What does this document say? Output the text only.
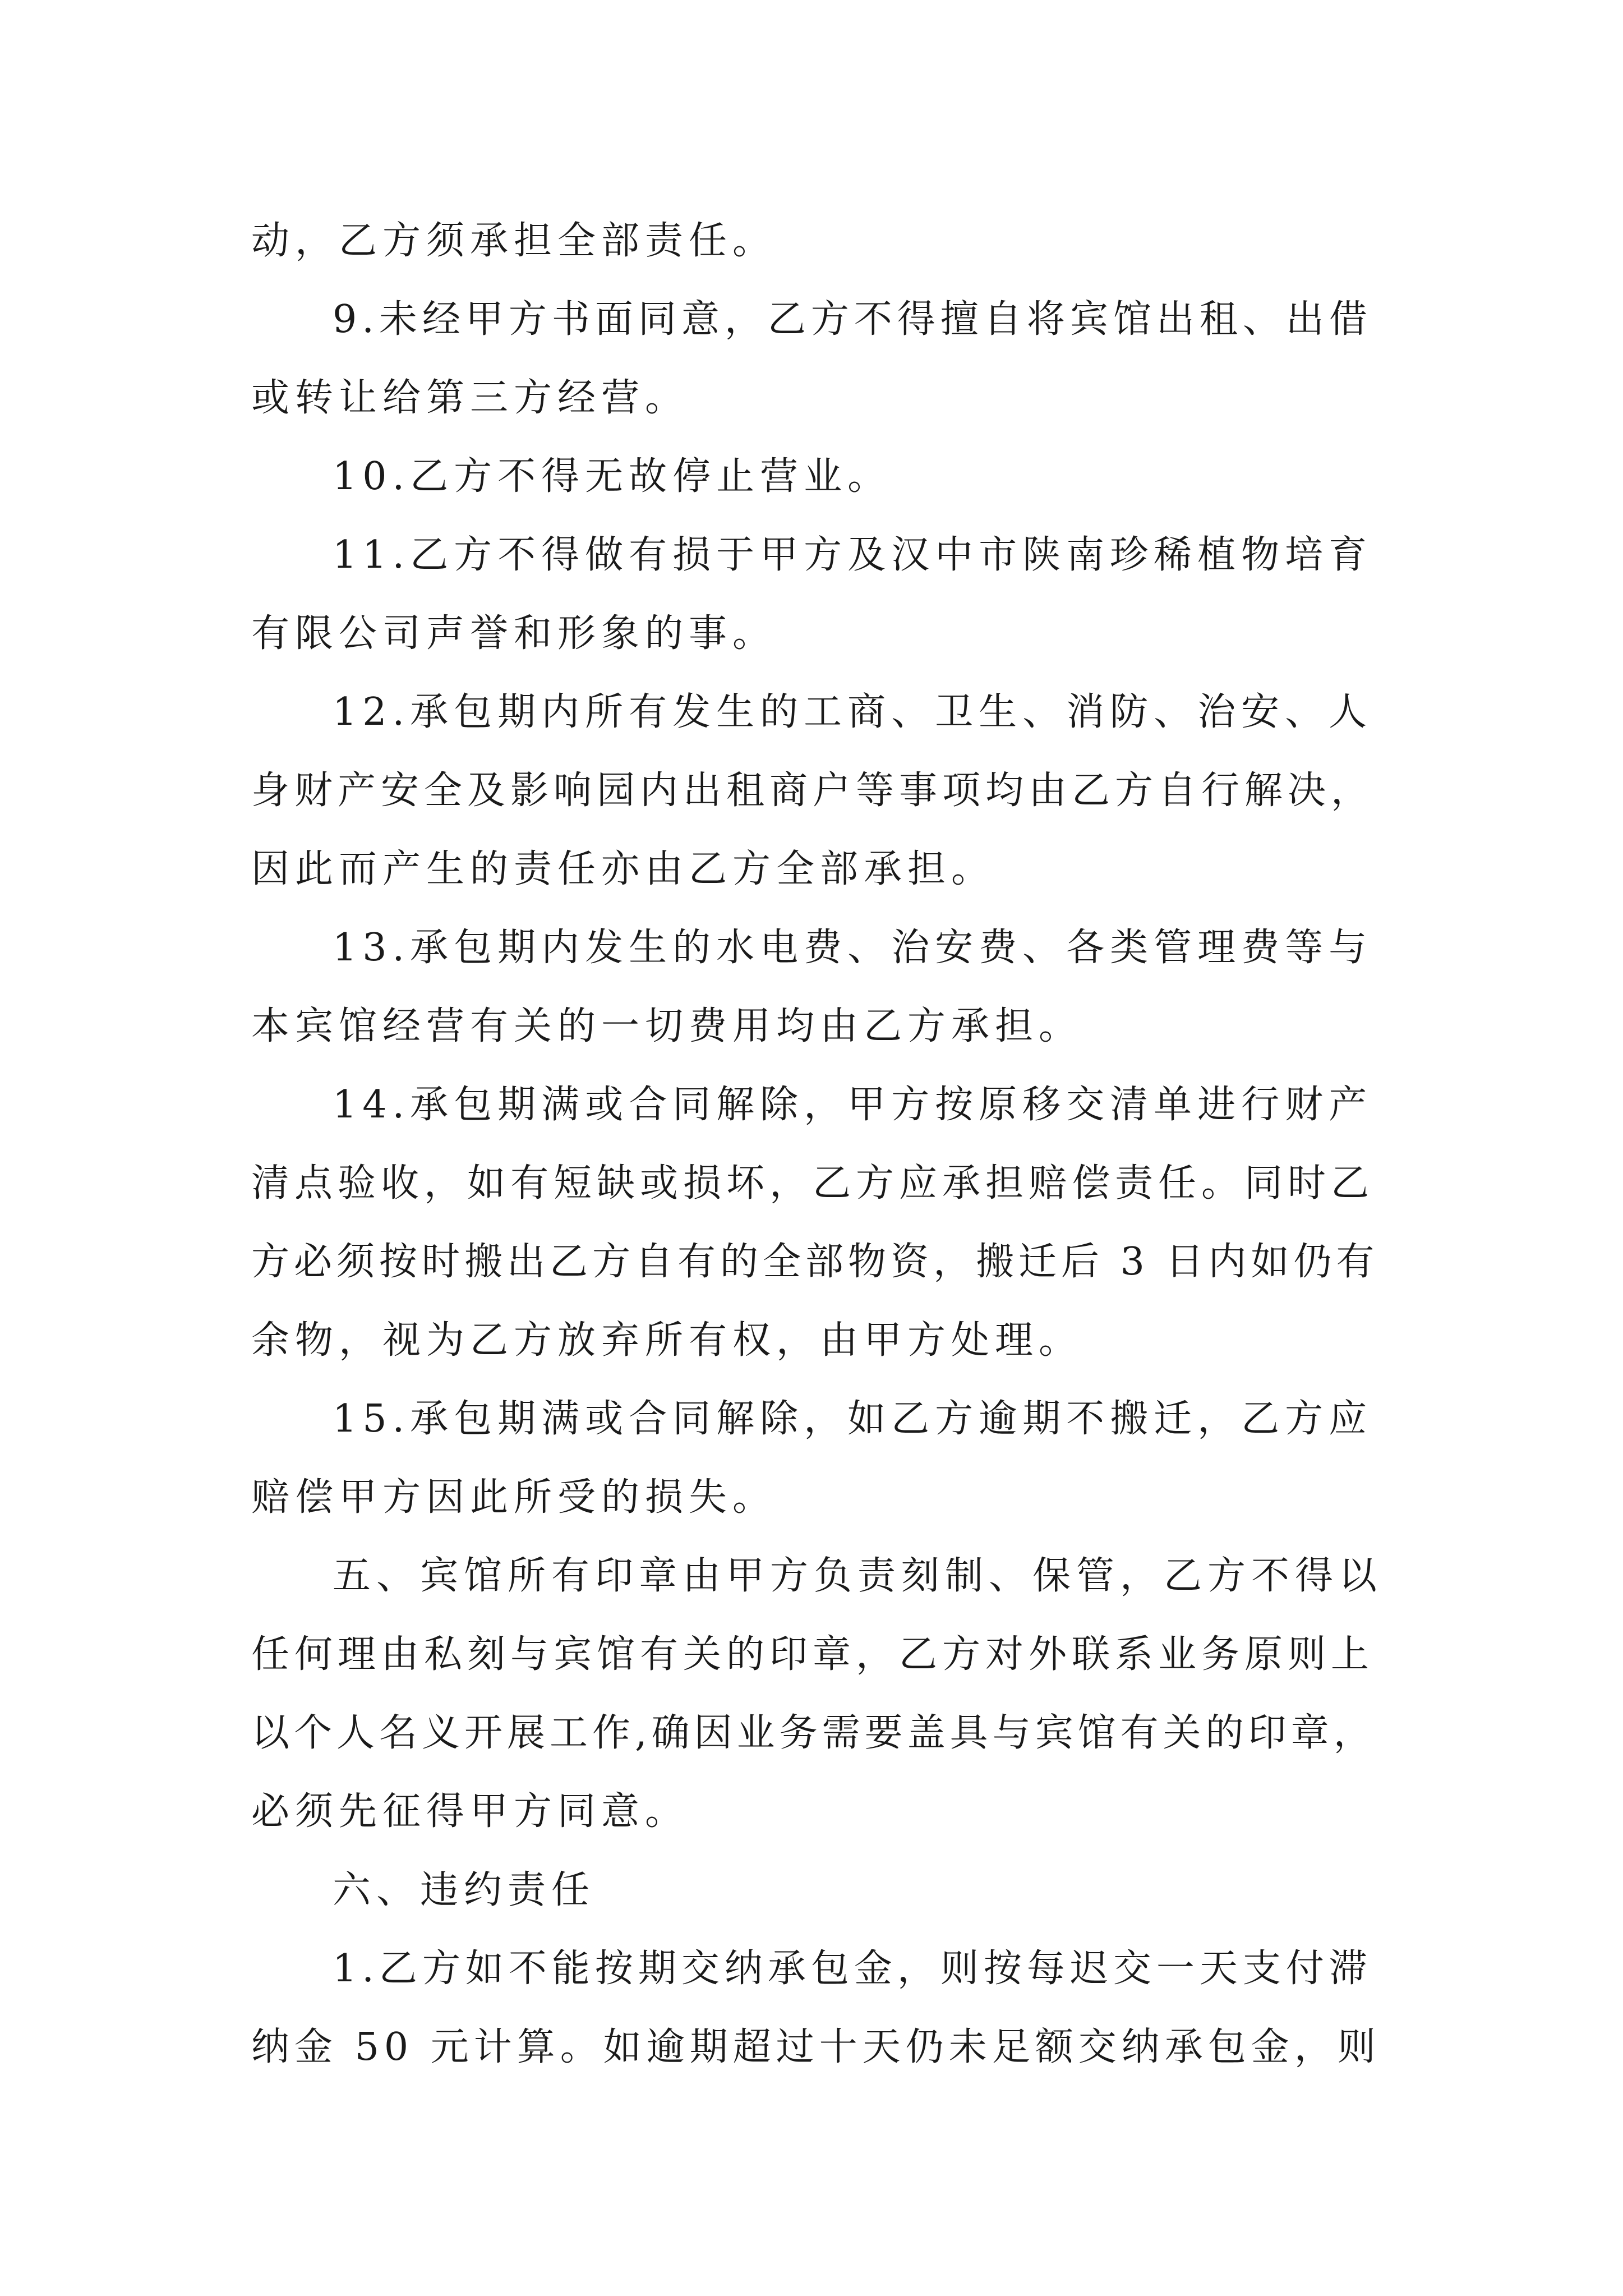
动，乙方须承担全部责任。
9.未经甲方书面同意，乙方不得擅自将宾馆出租、出借
或转让给第三方经营。
10.乙方不得无故停止营业。
11.乙方不得做有损于甲方及汉中市陕南珍稀植物培育
有限公司声誉和形象的事。
12.承包期内所有发生的工商、卫生、消防、治安、人
身财产安全及影响园内出租商户等事项均由乙方自行解决，
因此而产生的责任亦由乙方全部承担。
13.承包期内发生的水电费、治安费、各类管理费等与
本宾馆经营有关的一切费用均由乙方承担。
14.承包期满或合同解除，甲方按原移交清单进行财产
清点验收，如有短缺或损坏，乙方应承担赔偿责任。同时乙
方必须按时搬出乙方自有的全部物资，搬迁后 3 日内如仍有
余物，视为乙方放弃所有权，由甲方处理。
15.承包期满或合同解除，如乙方逾期不搬迁，乙方应
赔偿甲方因此所受的损失。
五、宾馆所有印章由甲方负责刻制、保管，乙方不得以
任何理由私刻与宾馆有关的印章，乙方对外联系业务原则上
以个人名义开展工作,确因业务需要盖具与宾馆有关的印章，
必须先征得甲方同意。
六、违约责任
1.乙方如不能按期交纳承包金，则按每迟交一天支付滞
纳金 50 元计算。如逾期超过十天仍未足额交纳承包金，则
